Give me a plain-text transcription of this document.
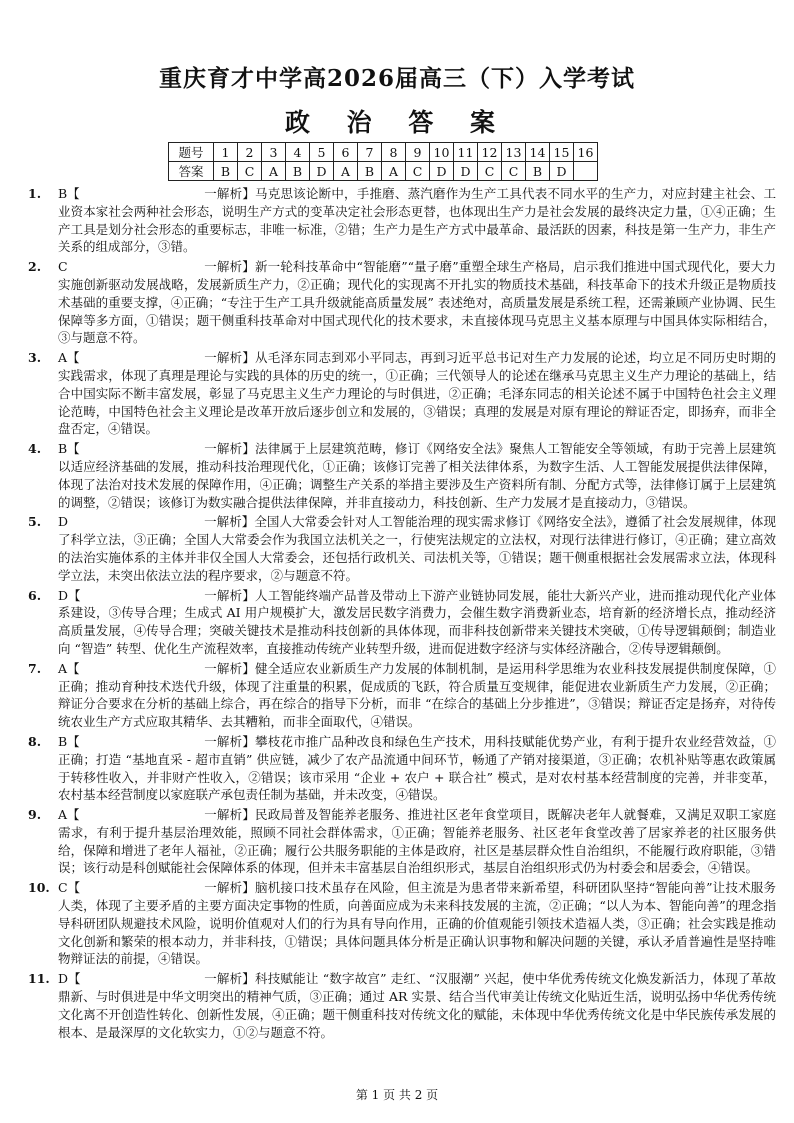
重庆育才中学高2026届高三（下）入学考试
政 治 答 案
题号	1	2	3	4	5	6	7	8	9	10	11	12	13	14	15	16
答案	B	C	A	B	D	A	B	A	C	D	D	C	C	B	D	
1. B【	一解析】马克思该论断中，手推磨、蒸汽磨作为生产工具代表不同水平的生产力，对应封建主社会、工业资本家社会两种社会形态，说明生产方式的变革决定社会形态更替，也体现出生产力是社会发展的最终决定力量，①④正确；生产工具是划分社会形态的重要标志，非唯一标准，②错；生产力是生产方式中最革命、最活跃的因素，科技是第一生产力，非生产关系的组成部分，③错。
2. C	一解析】新一轮科技革命中“智能磨”“量子磨”重塑全球生产格局，启示我们推进中国式现代化，要大力实施创新驱动发展战略，发展新质生产力，②正确；现代化的实现离不开扎实的物质技术基础，科技革命下的技术升级正是物质技术基础的重要支撑，④正确；“专注于生产工具升级就能高质量发展” 表述绝对，高质量发展是系统工程，还需兼顾产业协调、民生保障等多方面，①错误；题干侧重科技革命对中国式现代化的技术要求，未直接体现马克思主义基本原理与中国具体实际相结合，③与题意不符。
3. A【	一解析】从毛泽东同志到邓小平同志，再到习近平总书记对生产力发展的论述，均立足不同历史时期的实践需求，体现了真理是理论与实践的具体的历史的统一，①正确；三代领导人的论述在继承马克思主义生产力理论的基础上，结合中国实际不断丰富发展，彰显了马克思主义生产力理论的与时俱进，②正确；毛泽东同志的相关论述不属于中国特色社会主义理论范畴，中国特色社会主义理论是改革开放后逐步创立和发展的，③错误；真理的发展是对原有理论的辩证否定，即扬弃，而非全盘否定，④错误。
4. B【	一解析】法律属于上层建筑范畴，修订《网络安全法》聚焦人工智能安全等领域，有助于完善上层建筑以适应经济基础的发展，推动科技治理现代化，①正确；该修订完善了相关法律体系，为数字生活、人工智能发展提供法律保障，体现了法治对技术发展的保障作用，④正确；调整生产关系的举措主要涉及生产资料所有制、分配方式等，法律修订属于上层建筑的调整，②错误；该修订为数实融合提供法律保障，并非直接动力，科技创新、生产力发展才是直接动力，③错误。
5. D	一解析】全国人大常委会针对人工智能治理的现实需求修订《网络安全法》，遵循了社会发展规律，体现了科学立法，③正确；全国人大常委会作为我国立法机关之一，行使宪法规定的立法权，对现行法律进行修订，④正确；建立高效的法治实施体系的主体并非仅全国人大常委会，还包括行政机关、司法机关等，①错误；题干侧重根据社会发展需求立法，体现科学立法，未突出依法立法的程序要求，②与题意不符。
6. D【	一解析】人工智能终端产品普及带动上下游产业链协同发展，能壮大新兴产业，进而推动现代化产业体系建设，③传导合理；生成式 AI 用户规模扩大，激发居民数字消费力，会催生数字消费新业态，培育新的经济增长点，推动经济高质量发展，④传导合理；突破关键技术是推动科技创新的具体体现，而非科技创新带来关键技术突破，①传导逻辑颠倒；制造业向 “智造” 转型、优化生产流程效率，直接推动传统产业转型升级，进而促进数字经济与实体经济融合，②传导逻辑颠倒。
7. A【	一解析】健全适应农业新质生产力发展的体制机制，是运用科学思维为农业科技发展提供制度保障，①正确；推动育种技术迭代升级，体现了注重量的积累，促成质的飞跃，符合质量互变规律，能促进农业新质生产力发展，②正确；辩证分合要求在分析的基础上综合，再在综合的指导下分析，而非 “在综合的基础上分步推进”，③错误；辩证否定是扬弃，对待传统农业生产方式应取其精华、去其糟粕，而非全面取代，④错误。
8. B【	一解析】攀枝花市推广品种改良和绿色生产技术，用科技赋能优势产业，有利于提升农业经营效益，①正确；打造 “基地直采 - 超市直销” 供应链，减少了农产品流通中间环节，畅通了产销对接渠道，③正确；农机补贴等惠农政策属于转移性收入，并非财产性收入，②错误；该市采用 “企业 + 农户 + 联合社” 模式，是对农村基本经营制度的完善，并非变革，农村基本经营制度以家庭联产承包责任制为基础，并未改变，④错误。
9. A【	一解析】民政局普及智能养老服务、推进社区老年食堂项目，既解决老年人就餐难，又满足双职工家庭需求，有利于提升基层治理效能，照顾不同社会群体需求，①正确；智能养老服务、社区老年食堂改善了居家养老的社区服务供给，保障和增进了老年人福祉，②正确；履行公共服务职能的主体是政府，社区是基层群众性自治组织，不能履行政府职能，③错误；该行动是科创赋能社会保障体系的体现，但并未丰富基层自治组织形式，基层自治组织形式仍为村委会和居委会，④错误。
10. C【	一解析】脑机接口技术虽存在风险，但主流是为患者带来新希望，科研团队坚持“智能向善”让技术服务人类，体现了主要矛盾的主要方面决定事物的性质，向善面应成为未来科技发展的主流，②正确；“以人为本、智能向善”的理念指导科研团队规避技术风险，说明价值观对人们的行为具有导向作用，正确的价值观能引领技术造福人类，③正确；社会实践是推动文化创新和繁荣的根本动力，并非科技，①错误；具体问题具体分析是正确认识事物和解决问题的关键，承认矛盾普遍性是坚持唯物辩证法的前提，④错误。
11. D【	一解析】科技赋能让 “数字故宫” 走红、“汉服潮” 兴起，使中华优秀传统文化焕发新活力，体现了革故鼎新、与时俱进是中华文明突出的精神气质，③正确；通过 AR 实景、结合当代审美让传统文化贴近生活，说明弘扬中华优秀传统文化离不开创造性转化、创新性发展，④正确；题干侧重科技对传统文化的赋能，未体现中华优秀传统文化是中华民族传承发展的根本、是最深厚的文化软实力，①②与题意不符。
第 1 页 共 2 页
